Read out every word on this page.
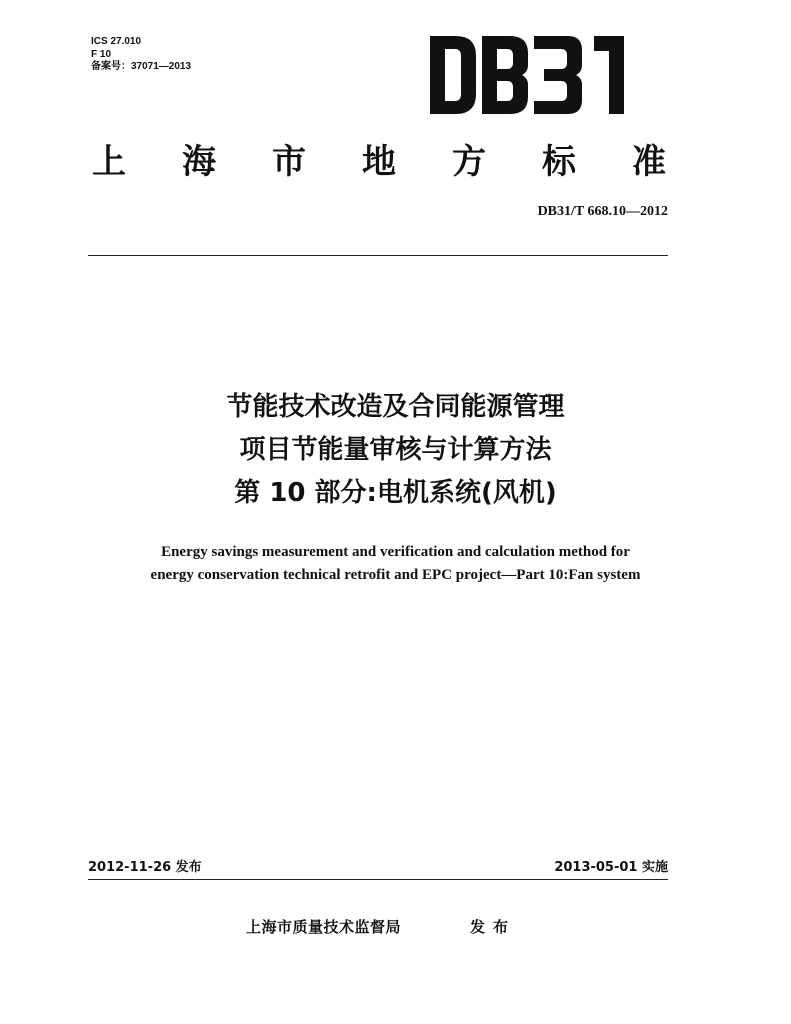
ICS 27.010
F 10
备案号：37071—2013
上 海 市 地 方 标 准
DB31/T 668.10—2012
节能技术改造及合同能源管理
项目节能量审核与计算方法
第 10 部分:电机系统(风机)
Energy savings measurement and verification and calculation method for
energy conservation technical retrofit and EPC project—Part 10:Fan system
2012-11-26 发布	2013-05-01 实施
上海市质量技术监督局	发布
